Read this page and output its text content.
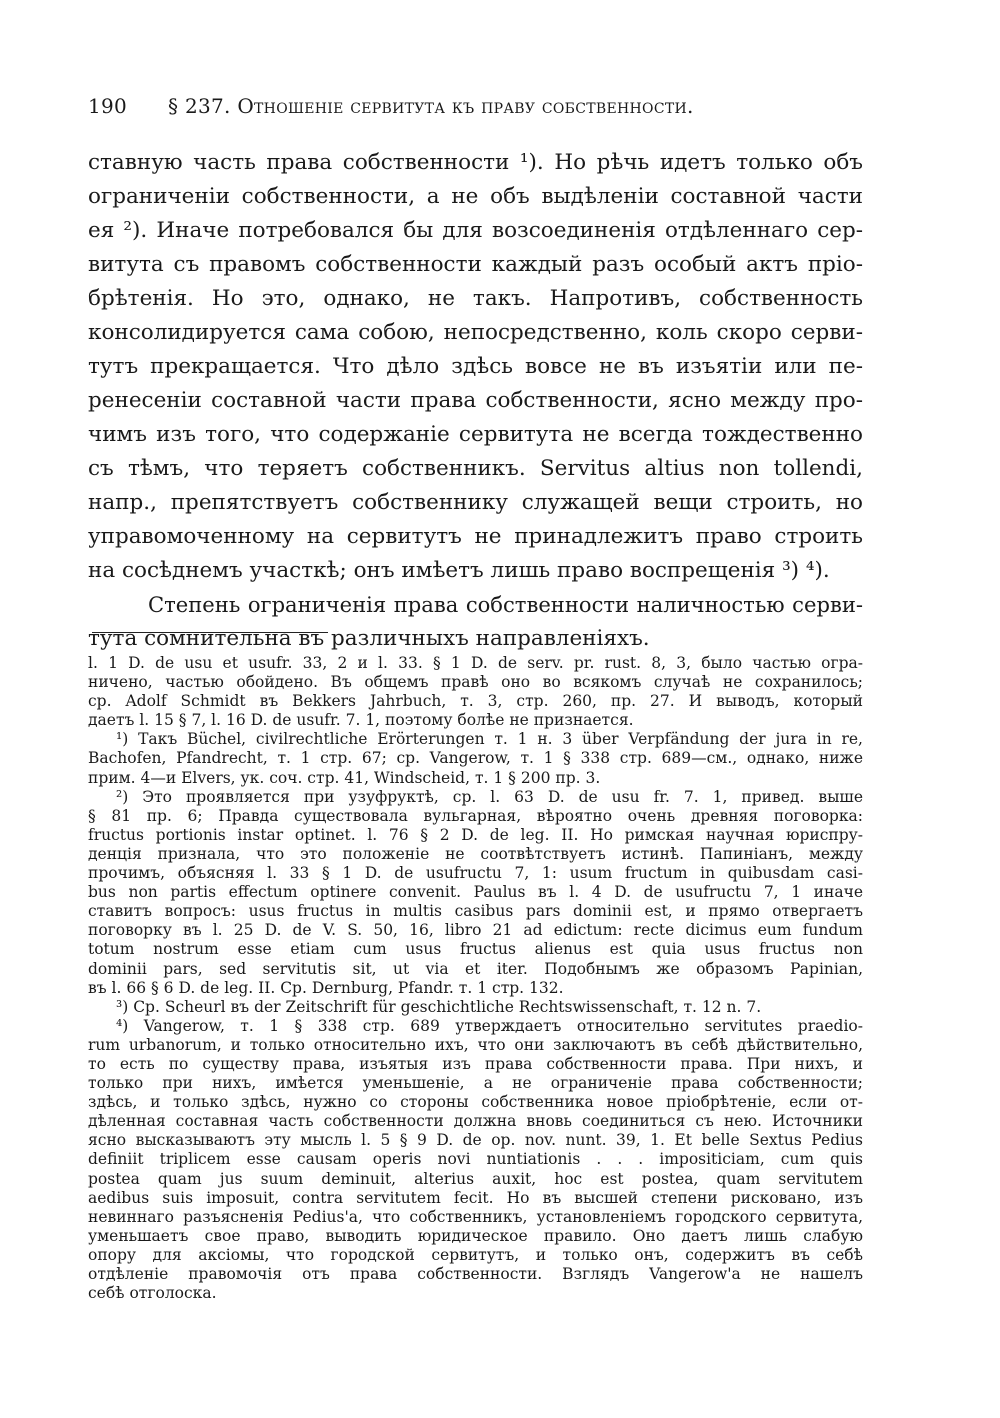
190 § 237. Отношеніе сервитута къ праву собственности.
ставную часть права собственности ¹). Но рѣчь идетъ только объ
ограниченіи собственности, а не объ выдѣленіи составной части
ея ²). Иначе потребовался бы для возсоединенія отдѣленнаго сер-
витута съ правомъ собственности каждый разъ особый актъ пріо-
брѣтенія. Но это, однако, не такъ. Напротивъ, собственность
консолидируется сама собою, непосредственно, коль скоро серви-
тутъ прекращается. Что дѣло здѣсь вовсе не въ изъятіи или пе-
ренесеніи составной части права собственности, ясно между про-
чимъ изъ того, что содержаніе сервитута не всегда тождественно
съ тѣмъ, что теряетъ собственникъ. Servitus altius non tollendi,
напр., препятствуетъ собственнику служащей вещи строить, но
управомоченному на сервитутъ не принадлежитъ право строить
на сосѣднемъ участкѣ; онъ имѣетъ лишь право воспрещенія ³) ⁴).
Степень ограниченія права собственности наличностью серви-
тута сомнительна въ различныхъ направленіяхъ.
l. 1 D. de usu et usufr. 33, 2 и l. 33. § 1 D. de serv. pr. rust. 8, 3, было частью огра-
ничено, частью обойдено. Въ общемъ правѣ оно во всякомъ случаѣ не сохранилось;
ср. Adolf Schmidt въ Bekkers Jahrbuch, т. 3, стр. 260, пр. 27. И выводъ, который
даетъ l. 15 § 7, l. 16 D. de usufr. 7. 1, поэтому болѣе не признается.
¹) Такъ Büchel, civilrechtliche Erörterungen т. 1 н. 3 über Verpfändung der jura in re,
Bachofen, Pfandrecht, т. 1 стр. 67; ср. Vangerow, т. 1 § 338 стр. 689—см., однако, ниже
прим. 4—и Elvers, ук. соч. стр. 41, Windscheid, т. 1 § 200 пр. 3.
²) Это проявляется при узуфруктѣ, ср. l. 63 D. de usu fr. 7. 1, привед. выше
§ 81 пр. 6; Правда существовала вульгарная, вѣроятно очень древняя поговорка:
fructus portionis instar optinet. l. 76 § 2 D. de leg. II. Но римская научная юриспру-
денція признала, что это положеніе не соотвѣтствуетъ истинѣ. Папиніанъ, между
прочимъ, объясняя l. 33 § 1 D. de usufructu 7, 1: usum fructum in quibusdam casi-
bus non partis effectum optinere convenit. Paulus въ l. 4 D. de usufructu 7, 1 иначе
ставитъ вопросъ: usus fructus in multis casibus pars dominii est, и прямо отвергаетъ
поговорку въ l. 25 D. de V. S. 50, 16, libro 21 ad edictum: recte dicimus eum fundum
totum nostrum esse etiam cum usus fructus alienus est quia usus fructus non
dominii pars, sed servitutis sit, ut via et iter. Подобнымъ же образомъ Papinian,
въ l. 66 § 6 D. de leg. II. Ср. Dernburg, Pfandr. т. 1 стр. 132.
³) Ср. Scheurl въ der Zeitschrift für geschichtliche Rechtswissenschaft, т. 12 n. 7.
⁴) Vangerow, т. 1 § 338 стр. 689 утверждаетъ относительно servitutes praedio-
rum urbanorum, и только относительно ихъ, что они заключаютъ въ себѣ дѣйствительно,
то есть по существу права, изъятыя изъ права собственности права. При нихъ, и
только при нихъ, имѣется уменьшеніе, а не ограниченіе права собственности;
здѣсь, и только здѣсь, нужно со стороны собственника новое пріобрѣтеніе, если от-
дѣленная составная часть собственности должна вновь соединиться съ нею. Источники
ясно высказываютъ эту мысль l. 5 § 9 D. de op. nov. nunt. 39, 1. Et belle Sextus Pedius
definiit triplicem esse causam operis novi nuntiationis . . . impositiciam, cum quis
postea quam jus suum deminuit, alterius auxit, hoc est postea, quam servitutem
aedibus suis imposuit, contra servitutem fecit. Но въ высшей степени рисковано, изъ
невиннаго разъясненія Pedius'а, что собственникъ, установленіемъ городского сервитута,
уменьшаетъ свое право, выводить юридическое правило. Оно даетъ лишь слабую
опору для аксіомы, что городской сервитутъ, и только онъ, содержитъ въ себѣ
отдѣленіе правомочія отъ права собственности. Взглядъ Vangerow'а не нашелъ
себѣ отголоска.
